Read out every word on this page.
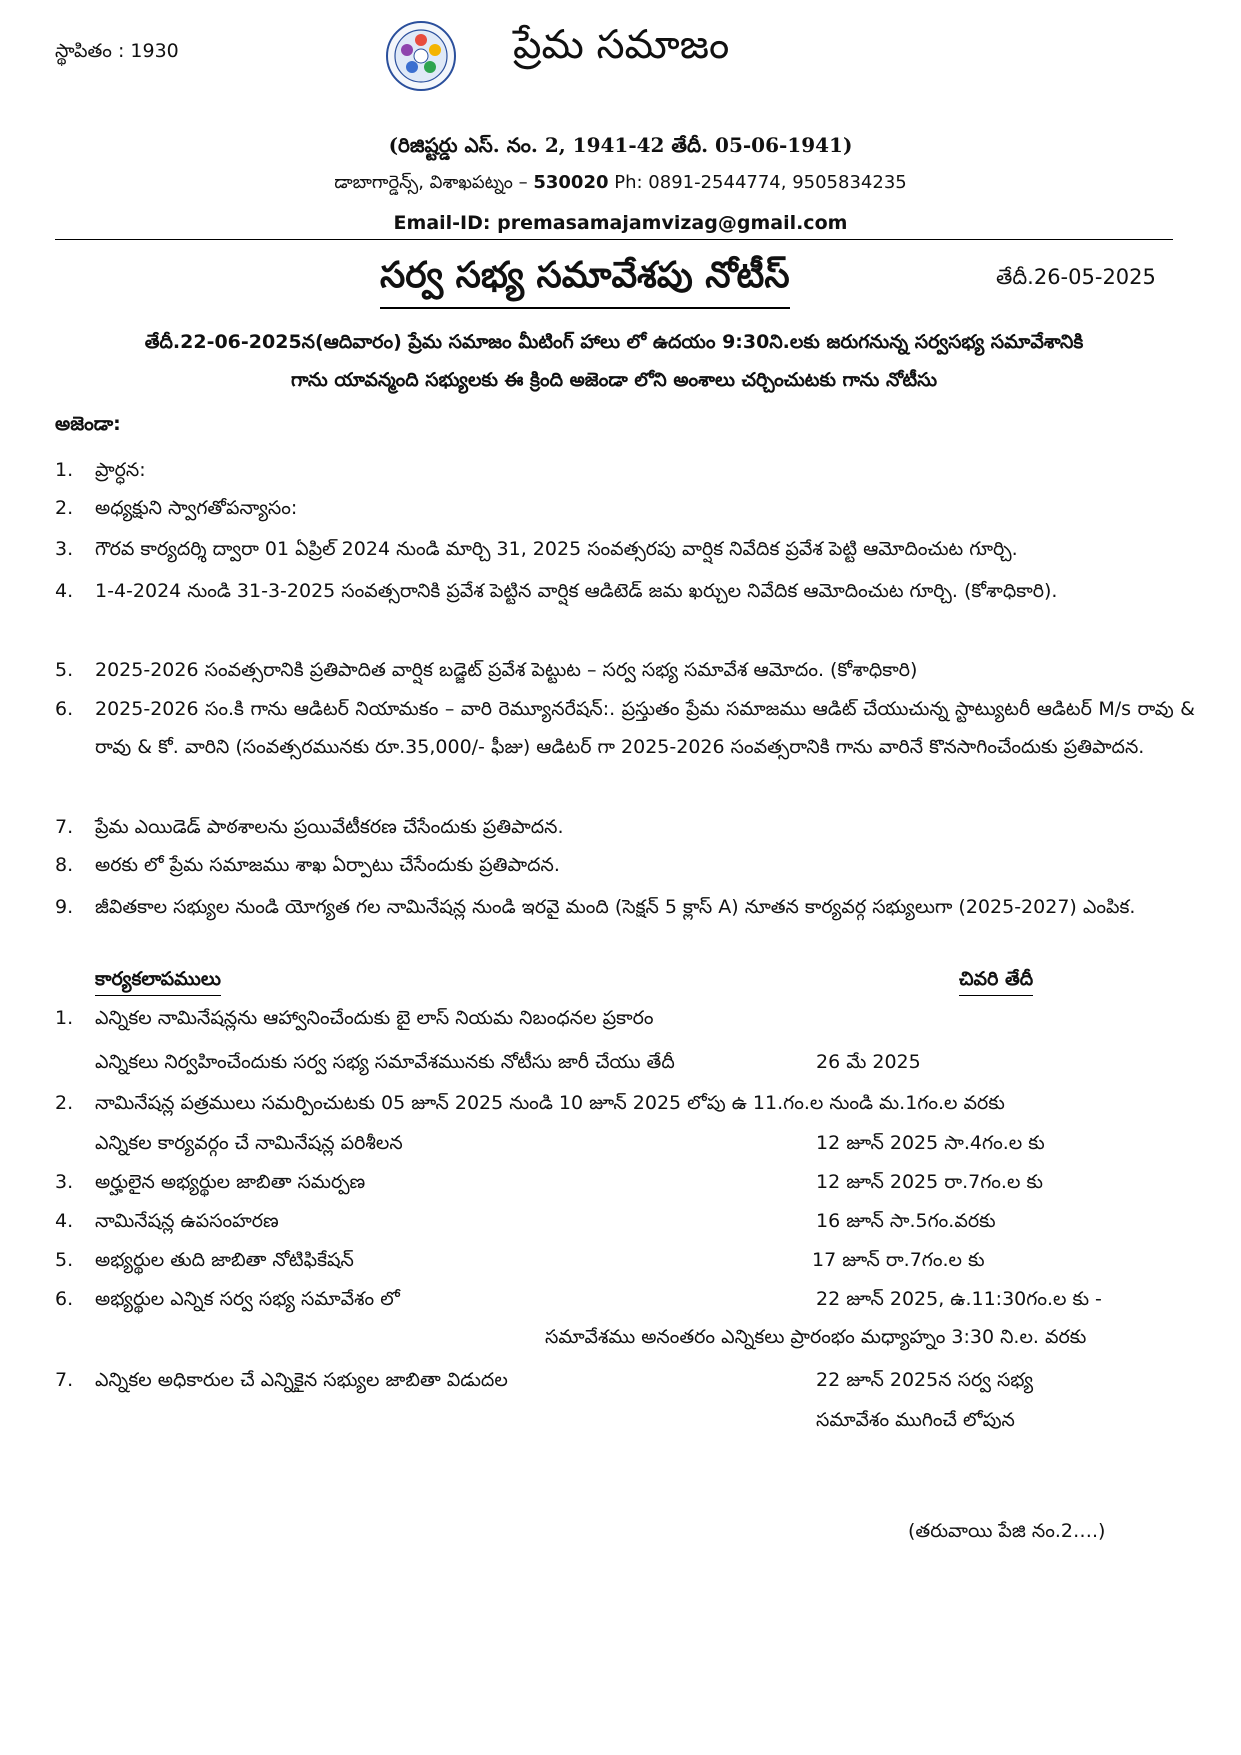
స్థాపితం : 1930	ప్రేమ సమాజం
(రిజిష్టర్డు ఎస్. నం. 2, 1941-42 తేదీ. 05-06-1941)
డాబాగార్డెన్స్, విశాఖపట్నం – 530020 Ph: 0891-2544774, 9505834235
Email-ID: premasamajamvizag@gmail.com
సర్వ సభ్య సమావేశపు నోటీస్	తేదీ.26-05-2025
తేదీ.22-06-2025న(ఆదివారం) ప్రేమ సమాజం మీటింగ్ హాలు లో ఉదయం 9:30ని.లకు జరుగనున్న సర్వసభ్య సమావేశానికి
గాను యావన్మంది సభ్యులకు ఈ క్రింది అజెండా లోని అంశాలు చర్చించుటకు గాను నోటీసు
అజెండా:
1. ప్రార్ధన:
2. అధ్యక్షుని స్వాగతోపన్యాసం:
3. గౌరవ కార్యదర్శి ద్వారా 01 ఏప్రిల్ 2024 నుండి మార్చి 31, 2025 సంవత్సరపు వార్షిక నివేదిక ప్రవేశ పెట్టి ఆమోదించుట గూర్చి.
4. 1-4-2024 నుండి 31-3-2025 సంవత్సరానికి ప్రవేశ పెట్టిన వార్షిక ఆడిటెడ్ జమ ఖర్చుల నివేదిక ఆమోదించుట గూర్చి. (కోశాధికారి).
5. 2025-2026 సంవత్సరానికి ప్రతిపాదిత వార్షిక బడ్జెట్ ప్రవేశ పెట్టుట – సర్వ సభ్య సమావేశ ఆమోదం. (కోశాధికారి)
6. 2025-2026 సం.కి గాను ఆడిటర్ నియామకం – వారి రెమ్యూనరేషన్:. ప్రస్తుతం ప్రేమ సమాజము ఆడిట్ చేయుచున్న స్టాట్యుటరీ ఆడిటర్ M/s రావు & రావు & కో. వారిని (సంవత్సరమునకు రూ.35,000/- ఫీజు) ఆడిటర్ గా 2025-2026 సంవత్సరానికి గాను వారినే కొనసాగించేందుకు ప్రతిపాదన.
7. ప్రేమ ఎయిడెడ్ పాఠశాలను ప్రయివేటీకరణ చేసేందుకు ప్రతిపాదన.
8. అరకు లో ప్రేమ సమాజము శాఖ ఏర్పాటు చేసేందుకు ప్రతిపాదన.
9. జీవితకాల సభ్యుల నుండి యోగ్యత గల నామినేషన్ల నుండి ఇరవై మంది (సెక్షన్ 5 క్లాస్ A) నూతన కార్యవర్గ సభ్యులుగా (2025-2027) ఎంపిక.
కార్యకలాపములు	చివరి తేదీ
1. ఎన్నికల నామినేషన్లను ఆహ్వానించేందుకు బై లాస్ నియమ నిబంధనల ప్రకారం
ఎన్నికలు నిర్వహించేందుకు సర్వ సభ్య సమావేశమునకు నోటీసు జారీ చేయు తేదీ	26 మే 2025
2. నామినేషన్ల పత్రములు సమర్పించుటకు 05 జూన్ 2025 నుండి 10 జూన్ 2025 లోపు ఉ 11.గం.ల నుండి మ.1గం.ల వరకు
ఎన్నికల కార్యవర్గం చే నామినేషన్ల పరిశీలన	12 జూన్ 2025 సా.4గం.ల కు
3. అర్హులైన అభ్యర్థుల జాబితా సమర్పణ	12 జూన్ 2025 రా.7గం.ల కు
4. నామినేషన్ల ఉపసంహరణ	16 జూన్ సా.5గం.వరకు
5. అభ్యర్థుల తుది జాబితా నోటిఫికేషన్	17 జూన్ రా.7గం.ల కు
6. అభ్యర్థుల ఎన్నిక సర్వ సభ్య సమావేశం లో	22 జూన్ 2025, ఉ.11:30గం.ల కు -
సమావేశము అనంతరం ఎన్నికలు ప్రారంభం మధ్యాహ్నం 3:30 ని.ల. వరకు
7. ఎన్నికల అధికారుల చే ఎన్నికైన సభ్యుల జాబితా విడుదల	22 జూన్ 2025న సర్వ సభ్య
సమావేశం ముగించే లోపున
(తరువాయి పేజి నం.2….)
